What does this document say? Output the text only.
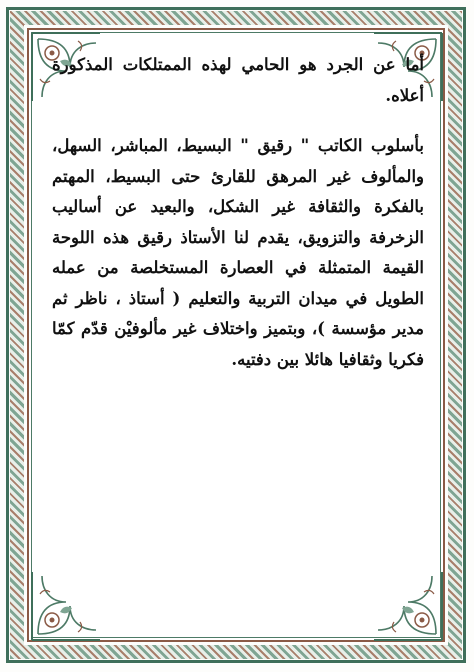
أما عن الجرد هو الحامي لهذه الممتلكات المذكورة أعلاه.

بأسلوب الكاتب " رقيق " البسيط، المباشر، السهل، والمألوف غير المرهق للقارئ حتى البسيط، المهتم بالفكرة والثقافة غير الشكل، والبعيد عن أساليب الزخرفة والتزويق، يقدم لنا الأستاذ رقيق هذه اللوحة القيمة المتمثلة في العصارة المستخلصة من عمله الطويل في ميدان التربية والتعليم ( أستاذ ، ناظر ثم مدير مؤسسة )، وبتميز واختلاف غير مألوفيْن قدّم كمّا فكريا وثقافيا هائلا بين دفتيه.
